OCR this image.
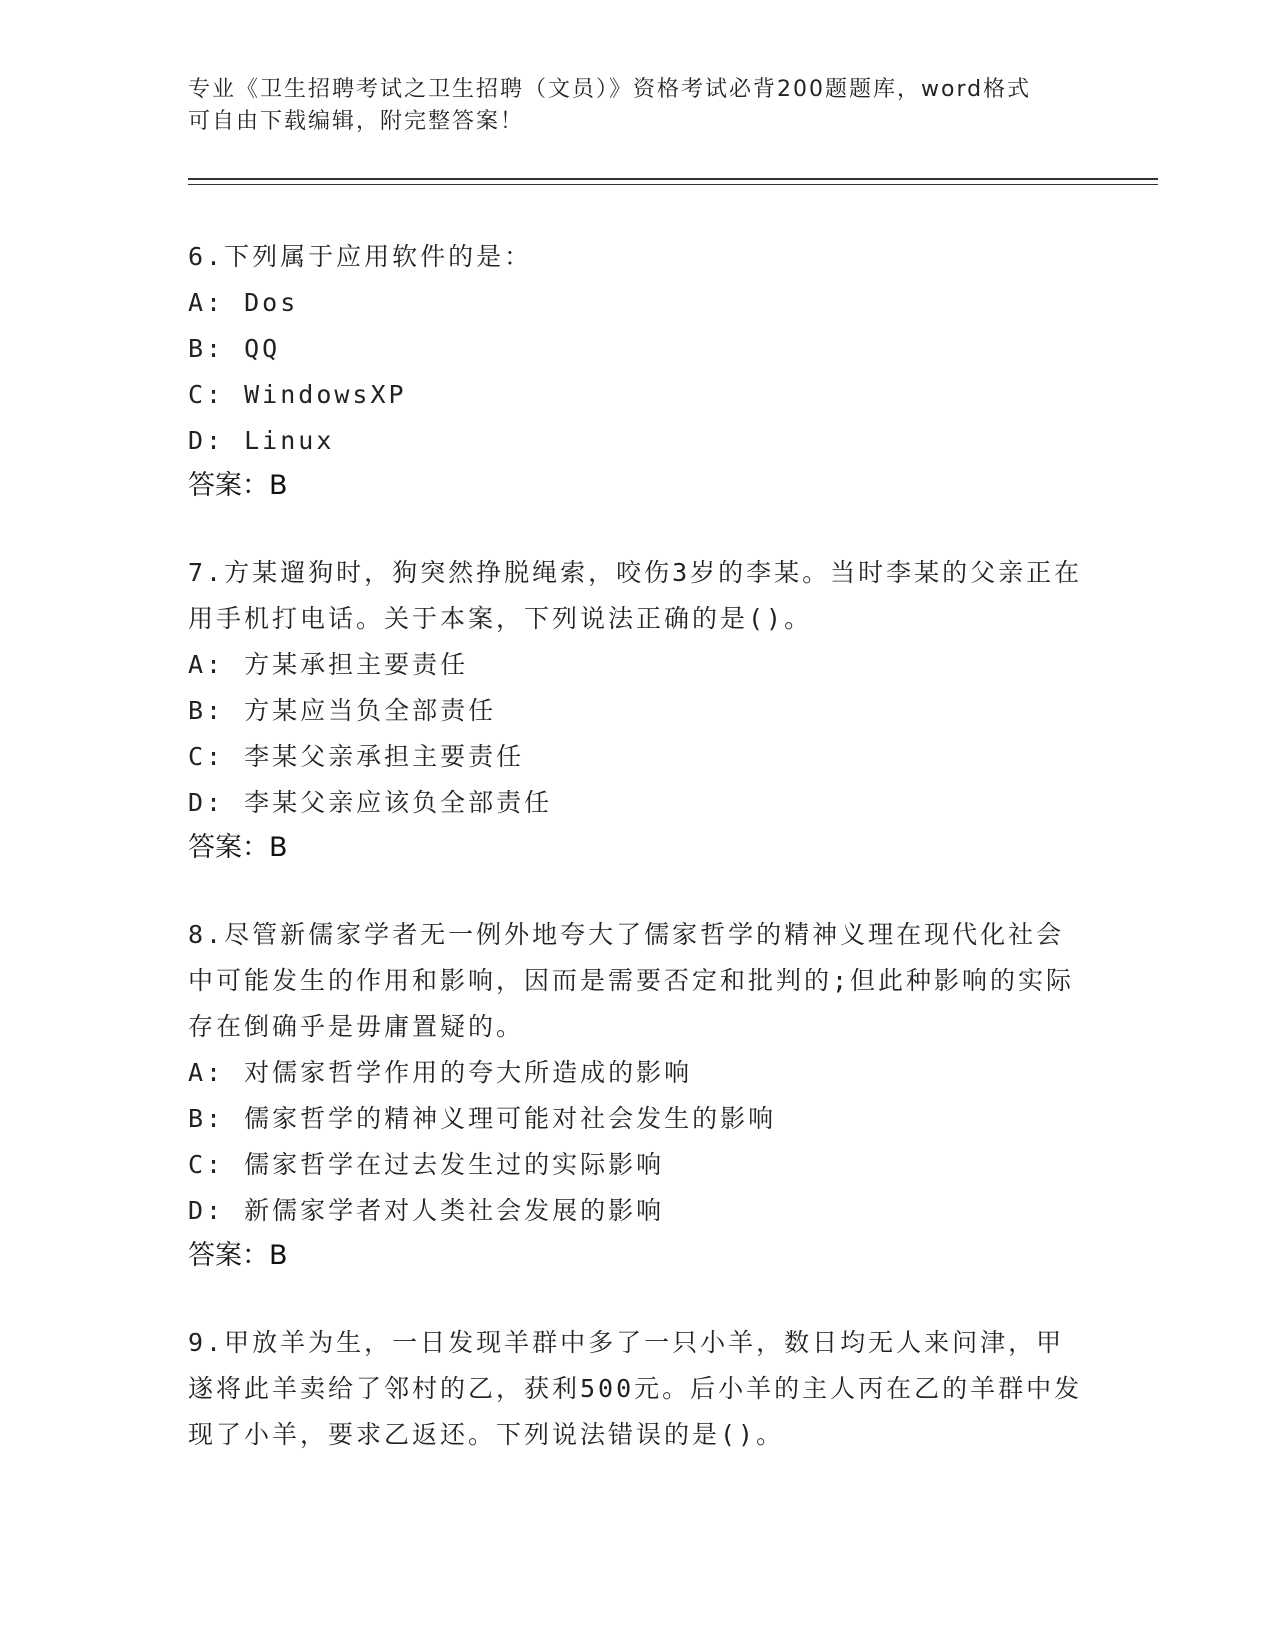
专业《卫生招聘考试之卫生招聘（文员）》资格考试必背200题题库，word格式
可自由下载编辑，附完整答案！
6.下列属于应用软件的是：
A: Dos
B: QQ
C: WindowsXP
D: Linux
答案：B
7.方某遛狗时，狗突然挣脱绳索，咬伤3岁的李某。当时李某的父亲正在用手机打电话。关于本案，下列说法正确的是()。
A: 方某承担主要责任
B: 方某应当负全部责任
C: 李某父亲承担主要责任
D: 李某父亲应该负全部责任
答案：B
8.尽管新儒家学者无一例外地夸大了儒家哲学的精神义理在现代化社会中可能发生的作用和影响，因而是需要否定和批判的;但此种影响的实际存在倒确乎是毋庸置疑的。
A: 对儒家哲学作用的夸大所造成的影响
B: 儒家哲学的精神义理可能对社会发生的影响
C: 儒家哲学在过去发生过的实际影响
D: 新儒家学者对人类社会发展的影响
答案：B
9.甲放羊为生，一日发现羊群中多了一只小羊，数日均无人来问津，甲遂将此羊卖给了邻村的乙，获利500元。后小羊的主人丙在乙的羊群中发现了小羊，要求乙返还。下列说法错误的是()。
